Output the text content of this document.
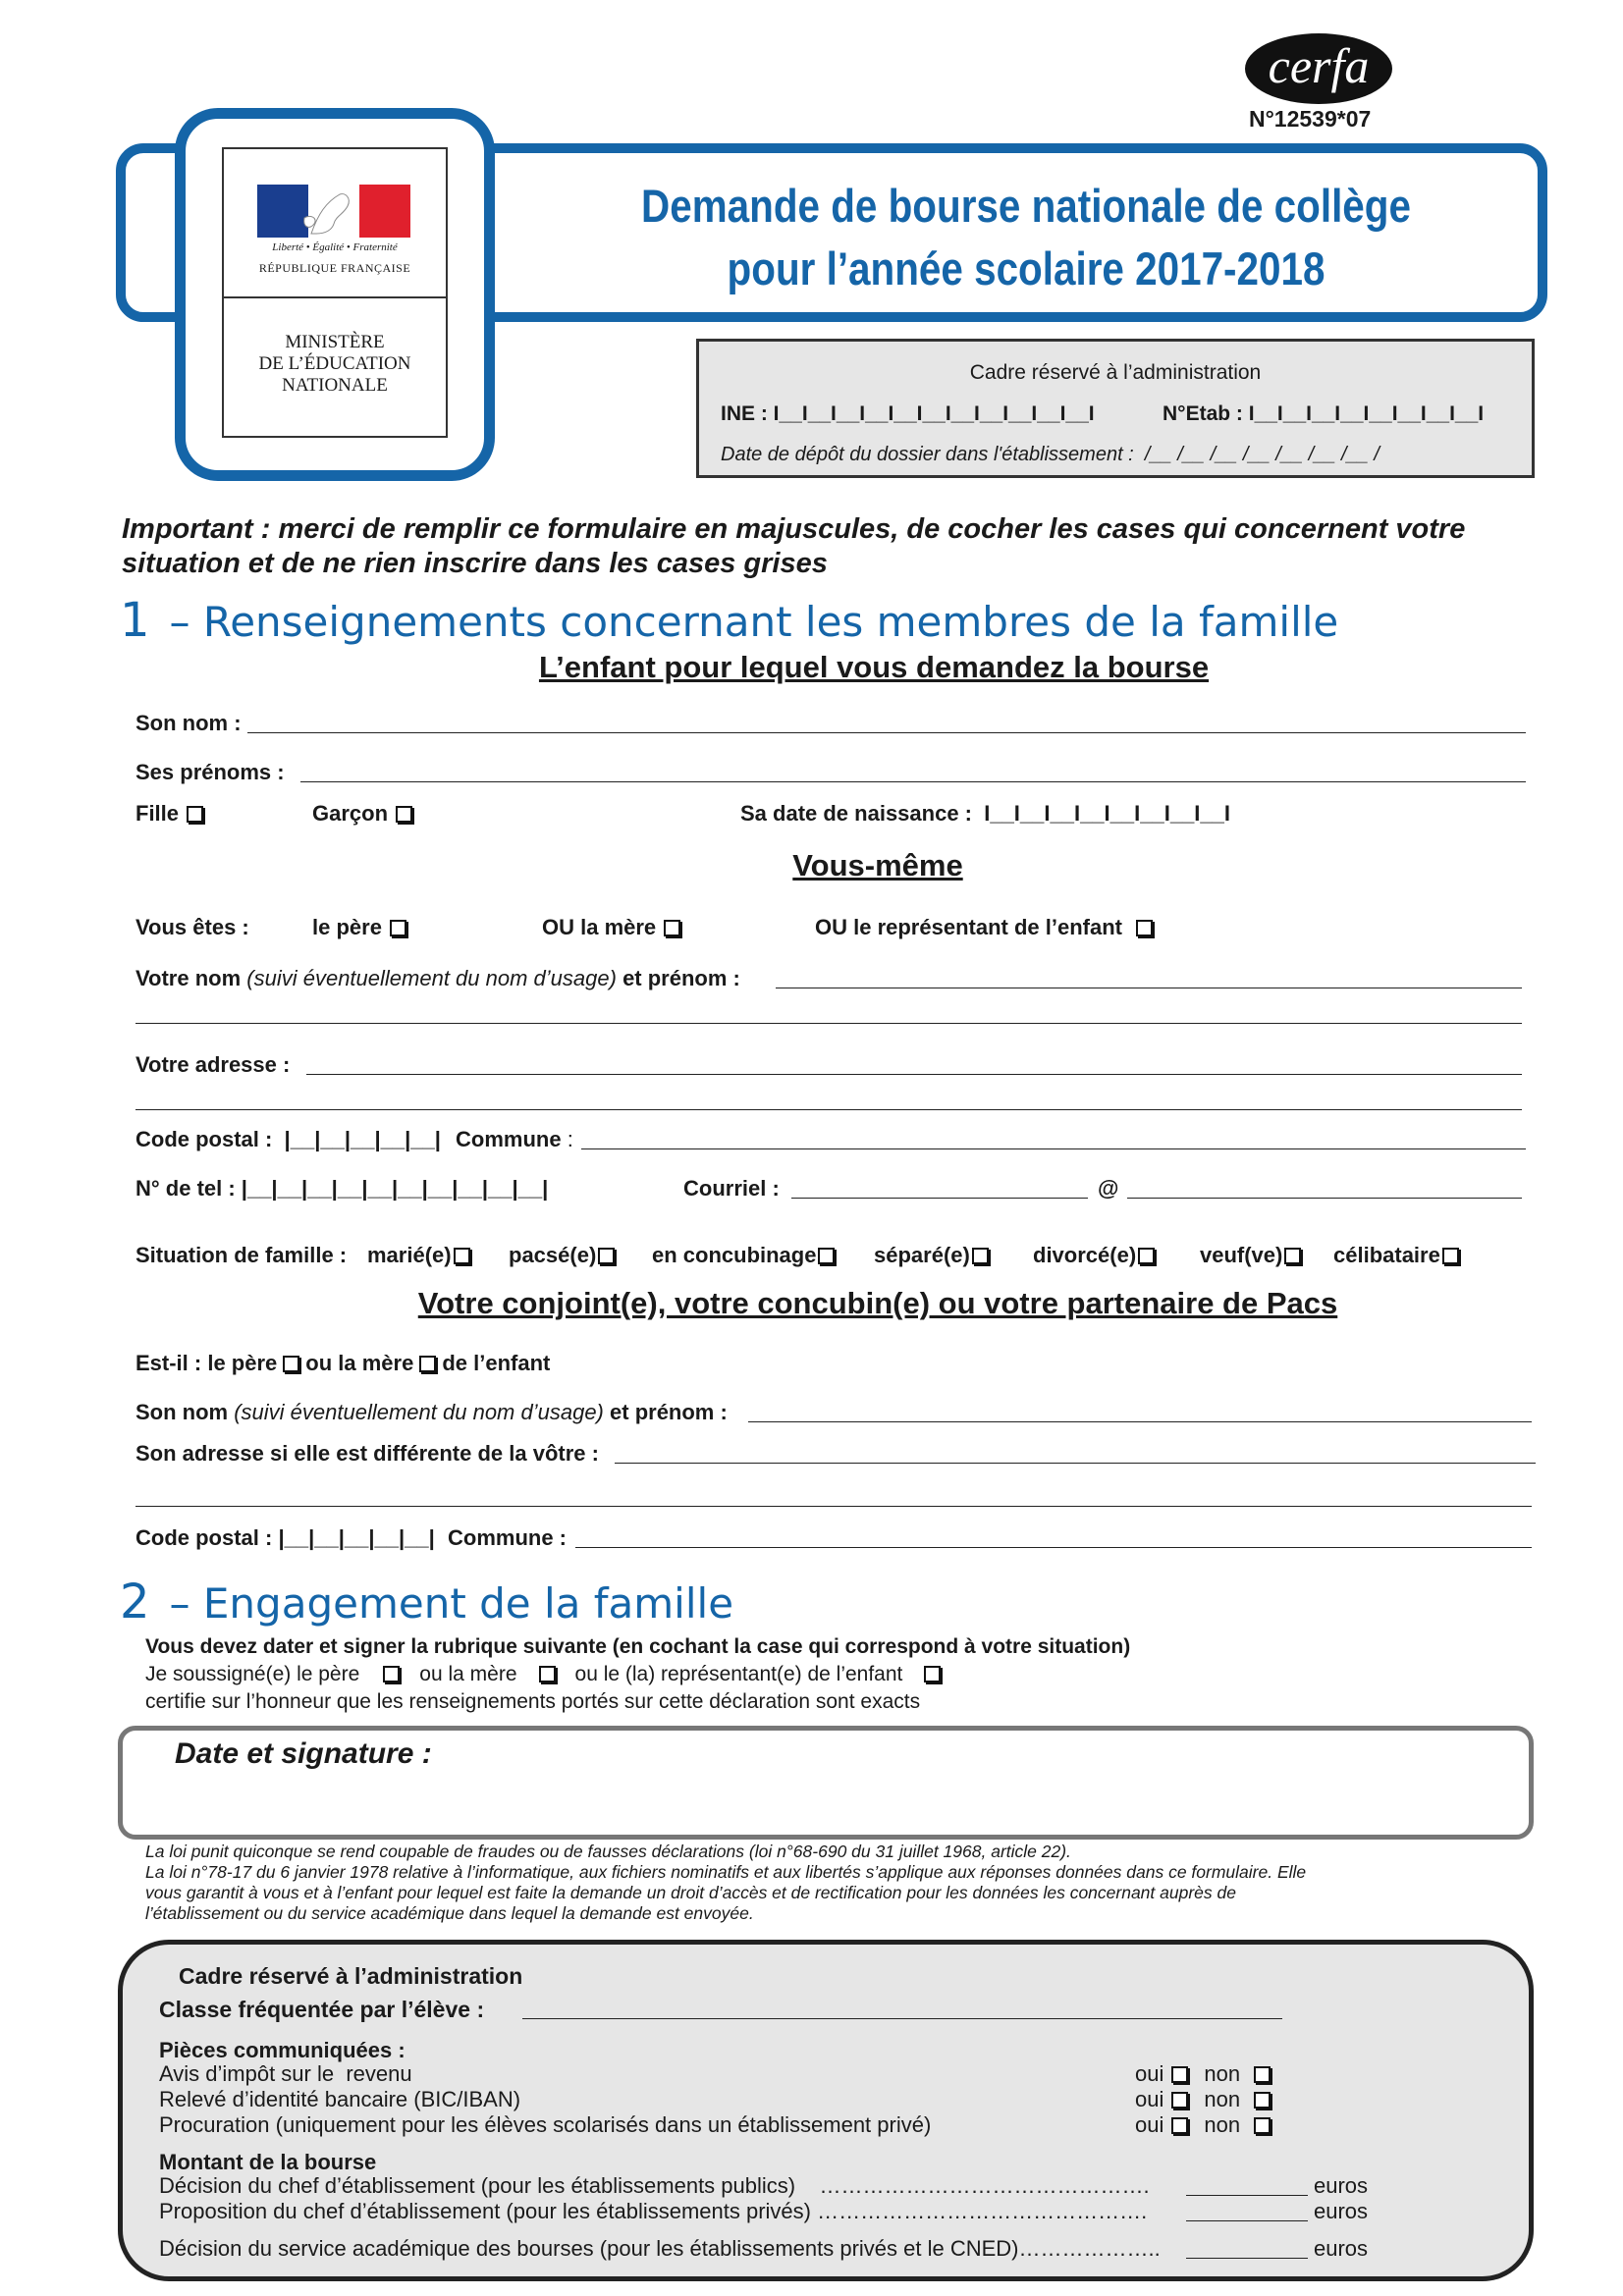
cerfa
N°12539*07
Liberté • Égalité • Fraternité
RÉPUBLIQUE FRANÇAISE
MINISTÈRE
DE L’ÉDUCATION
NATIONALE
Demande de bourse nationale de collège
pour l’année scolaire 2017-2018
Cadre réservé à l’administration
INE : I__I__I__I__I__I__I__I__I__I__I__I	N°Etab : I__I__I__I__I__I__I__I__I
Date de dépôt du dossier dans l'établissement :  /__ /__ /__ /__ /__ /__ /__ /
Important : merci de remplir ce formulaire en majuscules, de cocher les cases qui concernent votre situation et de ne rien inscrire dans les cases grises
1 – Renseignements concernant les membres de la famille
L’enfant pour lequel vous demandez la bourse
Son nom :
Ses prénoms :
Fille	Garçon	Sa date de naissance :  I__I__I__I__I__I__I__I__I
Vous-même
Vous êtes :	le père	OU la mère	OU le représentant de l’enfant
Votre nom (suivi éventuellement du nom d’usage) et prénom :
Votre adresse :
Code postal :  |__|__|__|__|__| Commune :
N° de tel : |__|__|__|__|__|__|__|__|__|__|	Courriel :	@
Situation de famille : marié(e)	pacsé(e)	en concubinage	séparé(e)	divorcé(e)	veuf(ve)	célibataire
Votre conjoint(e), votre concubin(e) ou votre partenaire de Pacs
Est-il : le père ou la mère de l’enfant
Son nom (suivi éventuellement du nom d’usage) et prénom :
Son adresse si elle est différente de la vôtre :
Code postal : |__|__|__|__|__| Commune :
2 – Engagement de la famille
Vous devez dater et signer la rubrique suivante (en cochant la case qui correspond à votre situation)
Je soussigné(e) le père	ou la mère	ou le (la) représentant(e) de l’enfant
certifie sur l’honneur que les renseignements portés sur cette déclaration sont exacts
Date et signature :
La loi punit quiconque se rend coupable de fraudes ou de fausses déclarations (loi n°68-690 du 31 juillet 1968, article 22).
La loi n°78-17 du 6 janvier 1978 relative à l’informatique, aux fichiers nominatifs et aux libertés s’applique aux réponses données dans ce formulaire. Elle vous garantit à vous et à l’enfant pour lequel est faite la demande un droit d’accès et de rectification pour les données les concernant auprès de l’établissement ou du service académique dans lequel la demande est envoyée.
Cadre réservé à l’administration
Classe fréquentée par l’élève :
Pièces communiquées :
Avis d’impôt sur le  revenu	oui non
Relevé d’identité bancaire (BIC/IBAN)	oui non
Procuration (uniquement pour les élèves scolarisés dans un établissement privé)	oui non
Montant de la bourse
Décision du chef d’établissement (pour les établissements publics)    ……………………………………….	euros
Proposition du chef d’établissement (pour les établissements privés) ……………………………………….	euros
Décision du service académique des bourses (pour les établissements privés et le CNED)………………..	euros
